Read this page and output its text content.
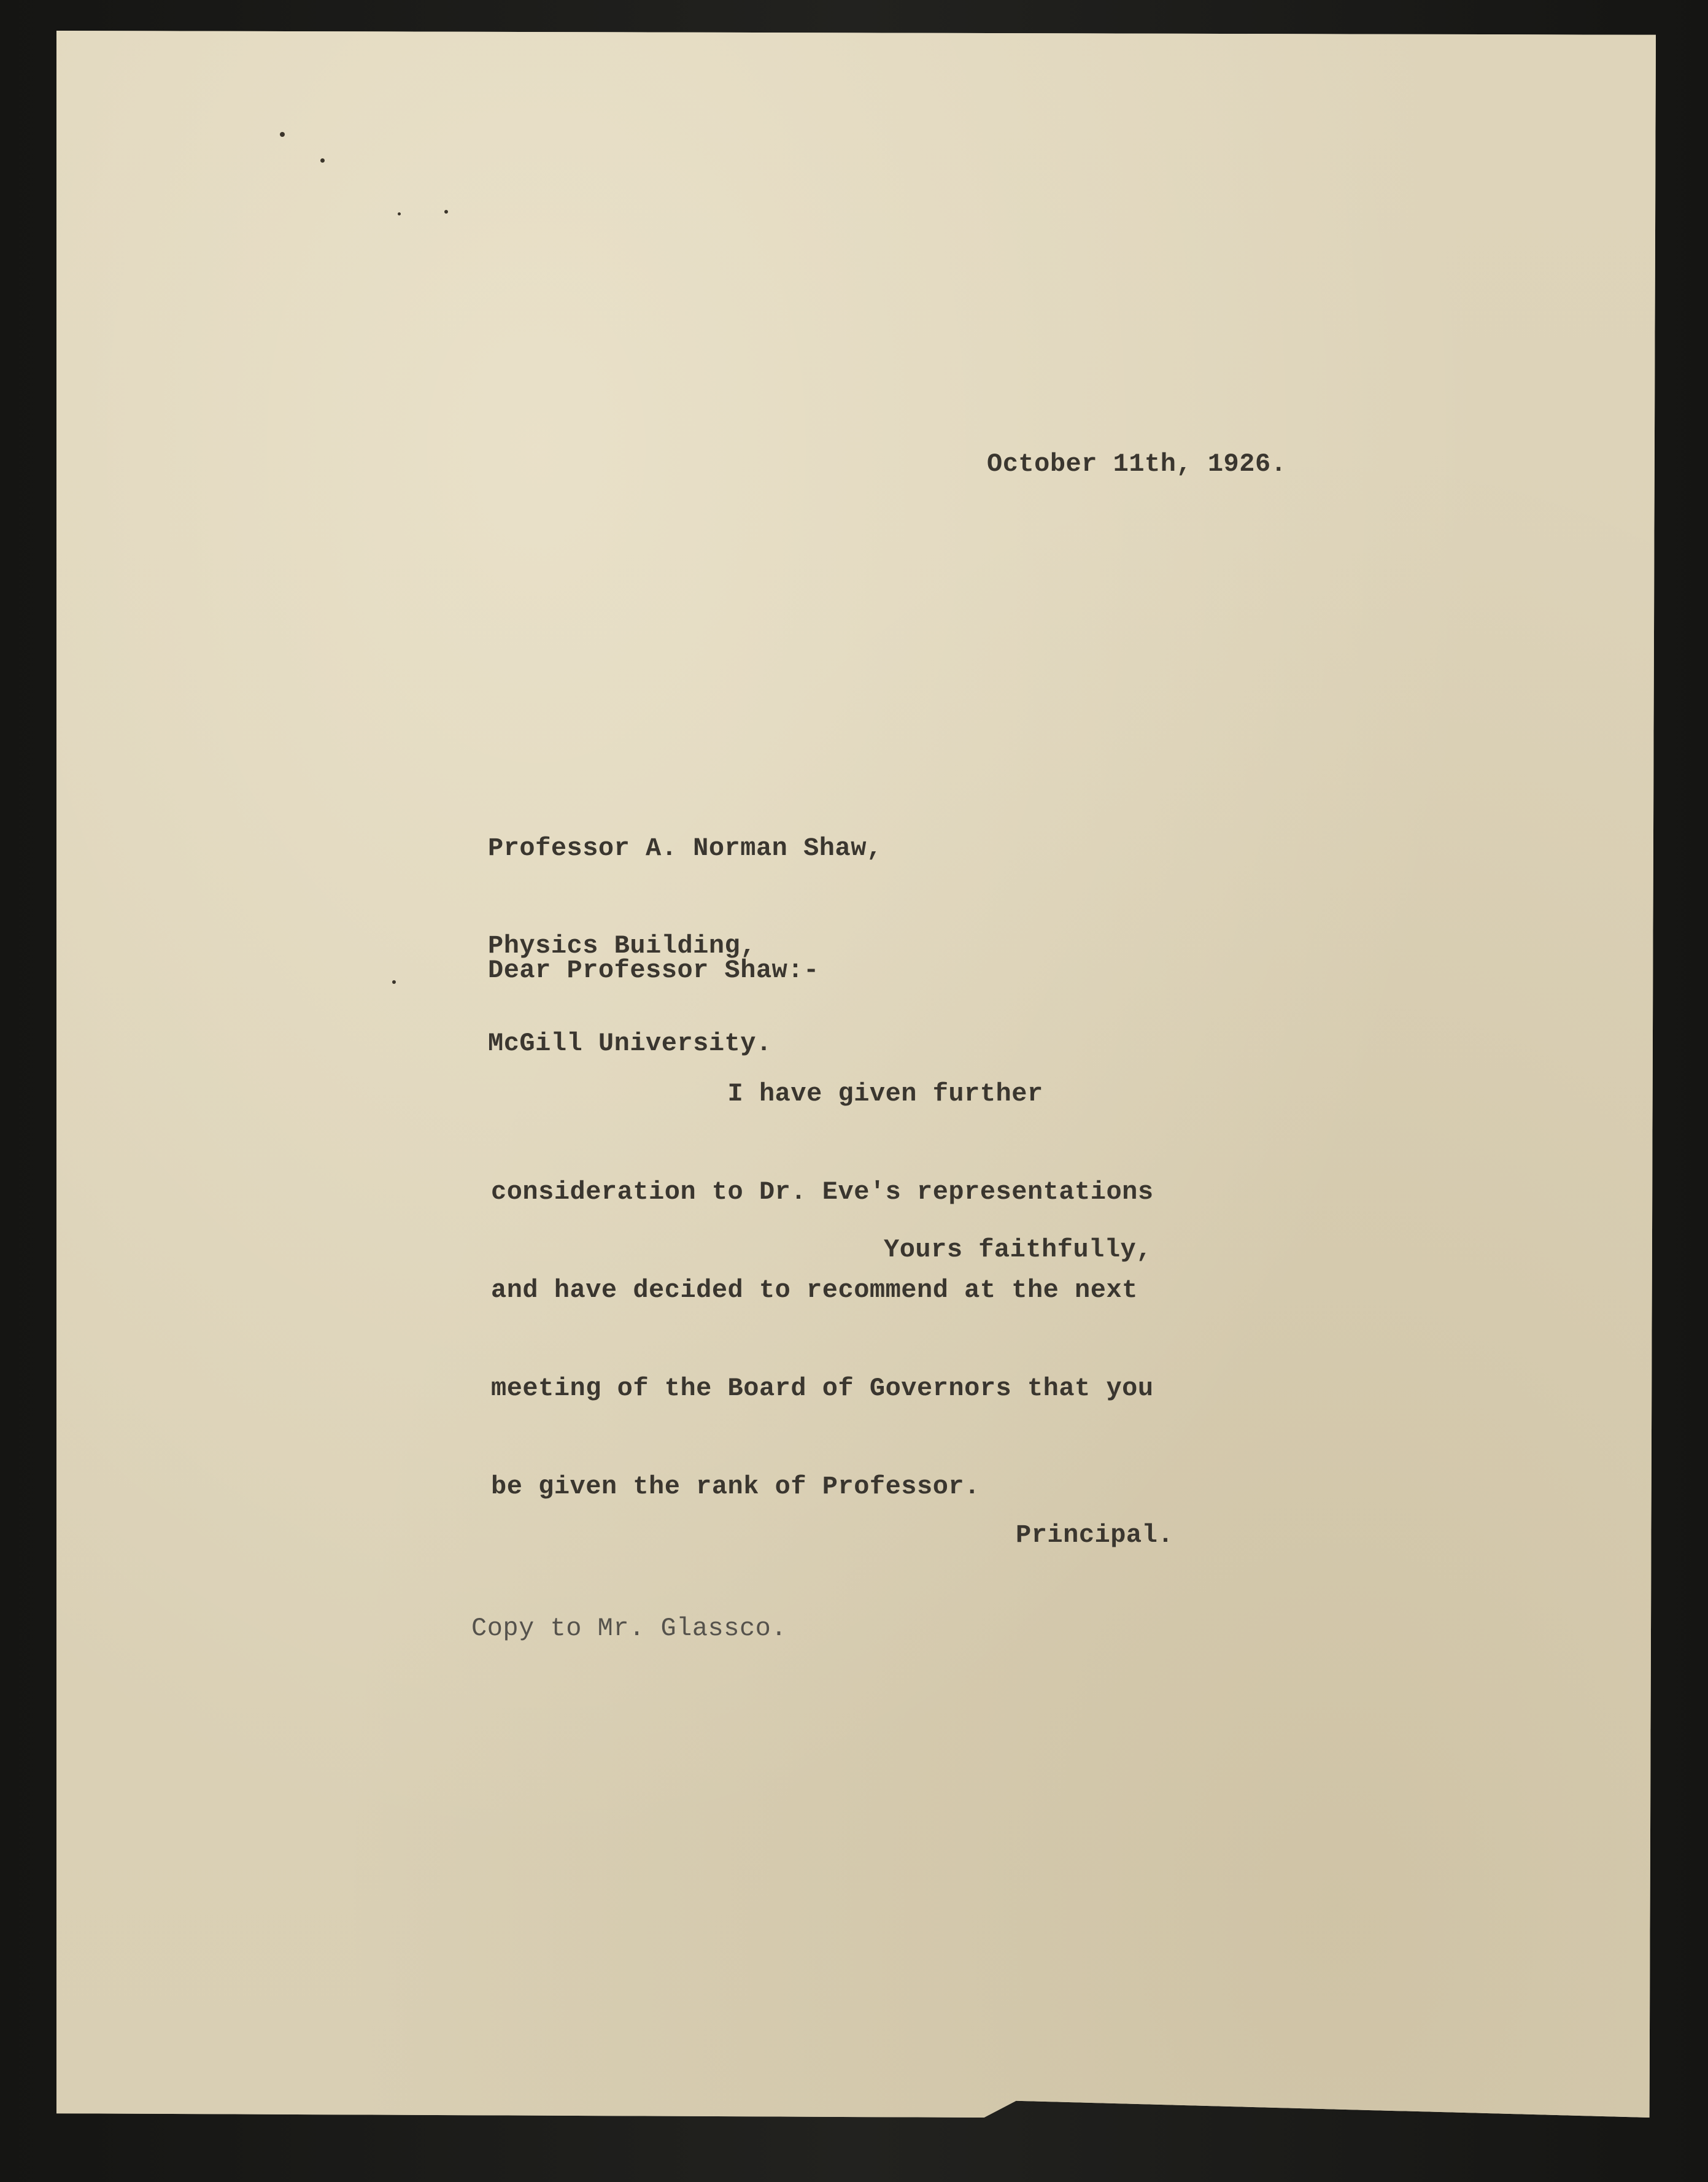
October 11th, 1926.

Professor A. Norman Shaw,

Physics Building,

McGill University.

Dear Professor Shaw:-

I have given further

consideration to Dr. Eve's representations

and have decided to recommend at the next

meeting of the Board of Governors that you

be given the rank of Professor.

Yours faithfully,
Principal.
Copy to Mr. Glassco.
